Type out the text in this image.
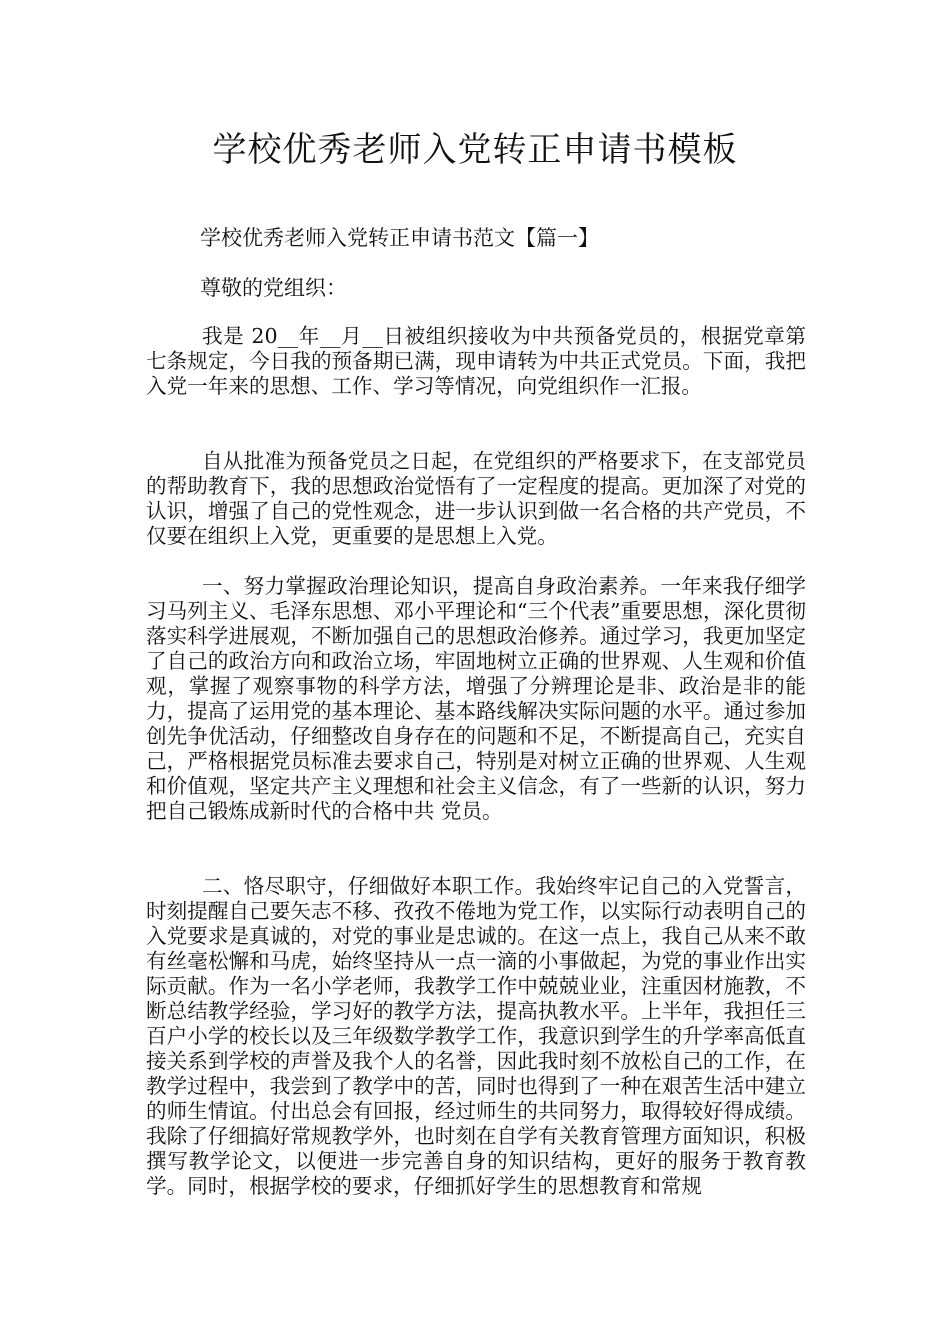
学校优秀老师入党转正申请书模板
学校优秀老师入党转正申请书范文【篇一】
尊敬的党组织：

我是 20__年__月__日被组织接收为中共预备党员的，根据党章第七条规定，今日我的预备期已满，现申请转为中共正式党员。下面，我把入党一年来的思想、工作、学习等情况，向党组织作一汇报。

自从批准为预备党员之日起，在党组织的严格要求下，在支部党员的帮助教育下，我的思想政治觉悟有了一定程度的提高。更加深了对党的认识，增强了自己的党性观念，进一步认识到做一名合格的共产党员，不仅要在组织上入党，更重要的是思想上入党。

一、努力掌握政治理论知识，提高自身政治素养。一年来我仔细学习马列主义、毛泽东思想、邓小平理论和“三个代表”重要思想，深化贯彻落实科学进展观，不断加强自己的思想政治修养。通过学习，我更加坚定了自己的政治方向和政治立场，牢固地树立正确的世界观、人生观和价值观，掌握了观察事物的科学方法，增强了分辨理论是非、政治是非的能力，提高了运用党的基本理论、基本路线解决实际问题的水平。通过参加创先争优活动，仔细整改自身存在的问题和不足，不断提高自己，充实自己，严格根据党员标准去要求自己，特别是对树立正确的世界观、人生观和价值观，坚定共产主义理想和社会主义信念，有了一些新的认识，努力把自己锻炼成新时代的合格中共 党员。

二、恪尽职守，仔细做好本职工作。我始终牢记自己的入党誓言，时刻提醒自己要矢志不移、孜孜不倦地为党工作，以实际行动表明自己的入党要求是真诚的，对党的事业是忠诚的。在这一点上，我自己从来不敢有丝毫松懈和马虎，始终坚持从一点一滴的小事做起，为党的事业作出实际贡献。作为一名小学老师，我教学工作中兢兢业业，注重因材施教，不断总结教学经验，学习好的教学方法，提高执教水平。上半年，我担任三百户小学的校长以及三年级数学教学工作，我意识到学生的升学率高低直接关系到学校的声誉及我个人的名誉，因此我时刻不放松自己的工作，在教学过程中，我尝到了教学中的苦，同时也得到了一种在艰苦生活中建立的师生情谊。付出总会有回报，经过师生的共同努力，取得较好得成绩。我除了仔细搞好常规教学外，也时刻在自学有关教育管理方面知识，积极撰写教学论文，以便进一步完善自身的知识结构，更好的服务于教育教学。同时，根据学校的要求，仔细抓好学生的思想教育和常规
